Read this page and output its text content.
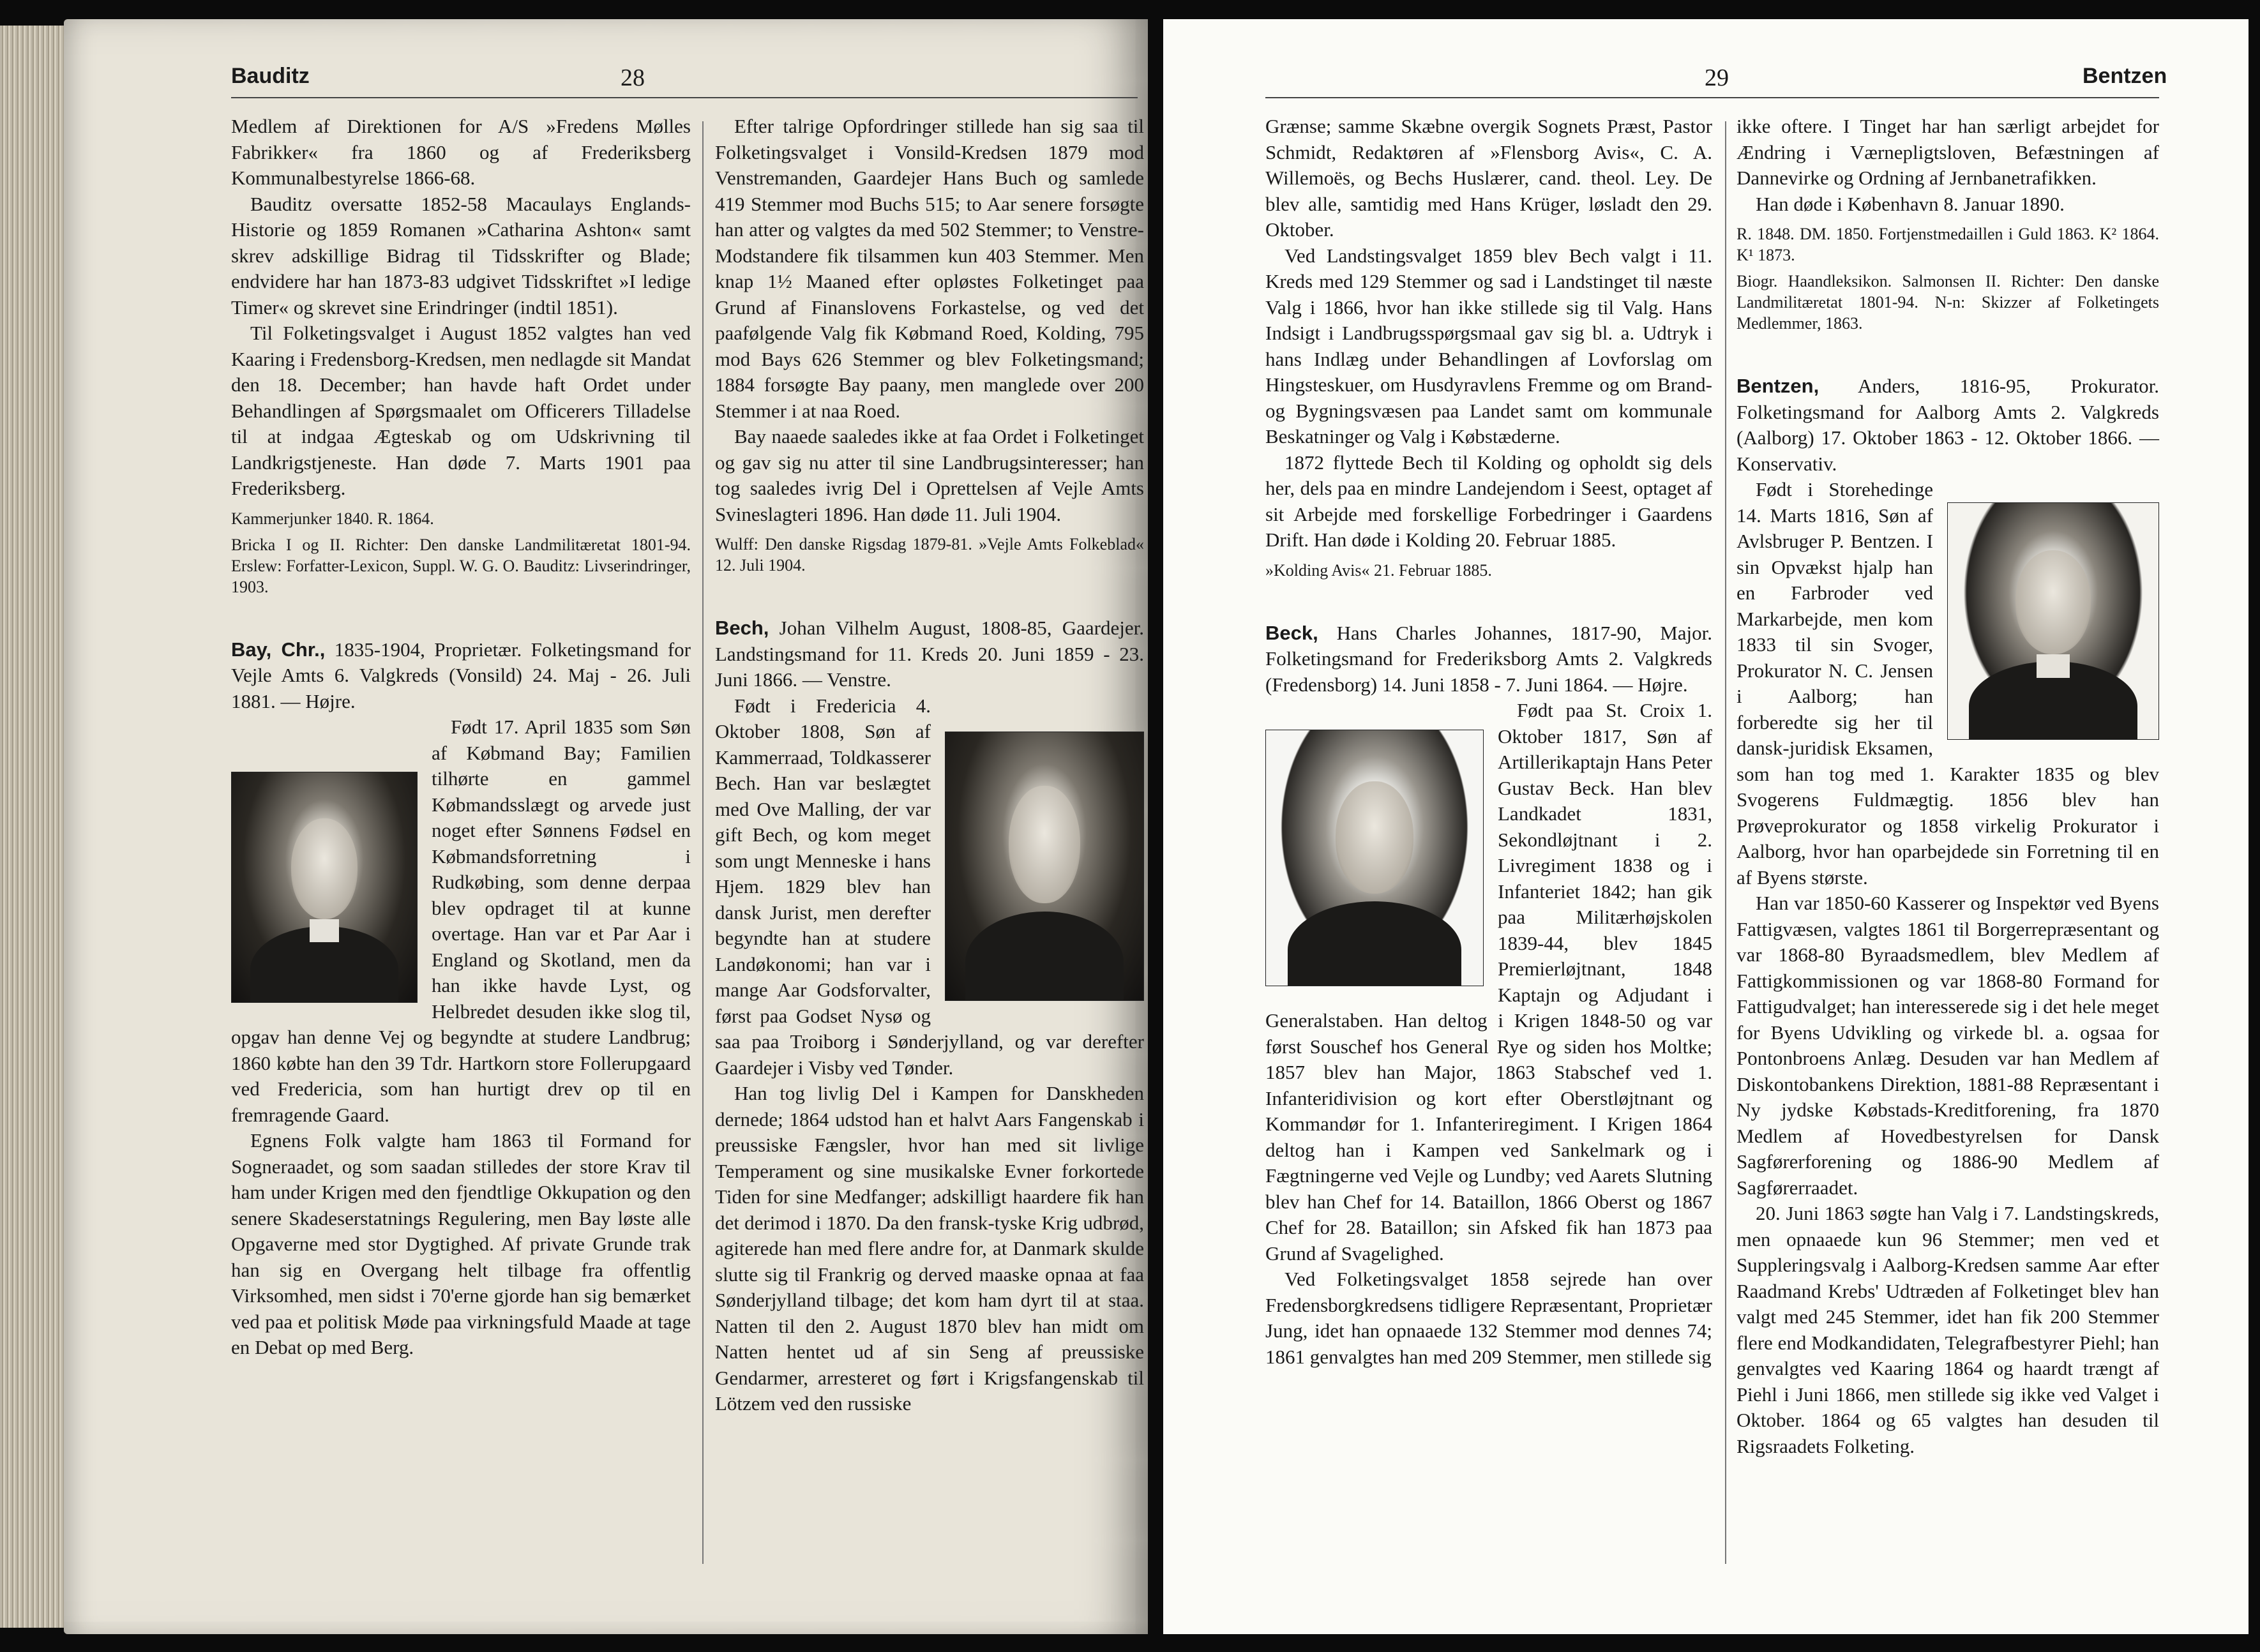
Bauditz	28

Medlem af Direktionen for A/S »Fredens Mølles Fabrikker« fra 1860 og af Frederiksberg Kommunalbestyrelse 1866-68.

Bauditz oversatte 1852-58 Macaulays Englands-Historie og 1859 Romanen »Catharina Ashton« samt skrev adskillige Bidrag til Tidsskrifter og Blade; endvidere har han 1873-83 udgivet Tidsskriftet »I ledige Timer« og skrevet sine Erindringer (indtil 1851).

Til Folketingsvalget i August 1852 valgtes han ved Kaaring i Fredensborg-Kredsen, men nedlagde sit Mandat den 18. December; han havde haft Ordet under Behandlingen af Spørgsmaalet om Officerers Tilladelse til at indgaa Ægteskab og om Udskrivning til Landkrigstjeneste. Han døde 7. Marts 1901 paa Frederiksberg.

Kammerjunker 1840. R. 1864.

Bricka I og II. Richter: Den danske Landmilitæretat 1801-94. Erslew: Forfatter-Lexicon, Suppl. W. G. O. Bauditz: Livserindringer, 1903.

Bay, Chr., 1835-1904, Proprietær. Folketingsmand for Vejle Amts 6. Valgkreds (Vonsild) 24. Maj - 26. Juli 1881. — Højre.

Født 17. April 1835 som Søn af Købmand Bay; Familien tilhørte en gammel Købmandsslægt og arvede just noget efter Sønnens Fødsel en Købmandsforretning i Rudkøbing, som denne derpaa blev opdraget til at kunne overtage. Han var et Par Aar i England og Skotland, men da han ikke havde Lyst, og Helbredet desuden ikke slog til, opgav han denne Vej og begyndte at studere Landbrug; 1860 købte han den 39 Tdr. Hartkorn store Follerupgaard ved Fredericia, som han hurtigt drev op til en fremragende Gaard.

Egnens Folk valgte ham 1863 til Formand for Sogneraadet, og som saadan stilledes der store Krav til ham under Krigen med den fjendtlige Okkupation og den senere Skadeserstatnings Regulering, men Bay løste alle Opgaverne med stor Dygtighed. Af private Grunde trak han sig en Overgang helt tilbage fra offentlig Virksomhed, men sidst i 70'erne gjorde han sig bemærket ved paa et politisk Møde paa virkningsfuld Maade at tage en Debat op med Berg.

Efter talrige Opfordringer stillede han sig saa til Folketingsvalget i Vonsild-Kredsen 1879 mod Venstremanden, Gaardejer Hans Buch og samlede 419 Stemmer mod Buchs 515; to Aar senere forsøgte han atter og valgtes da med 502 Stemmer; to Venstre-Modstandere fik tilsammen kun 403 Stemmer. Men knap 1½ Maaned efter opløstes Folketinget paa Grund af Finanslovens Forkastelse, og ved det paafølgende Valg fik Købmand Roed, Kolding, 795 mod Bays 626 Stemmer og blev Folketingsmand; 1884 forsøgte Bay paany, men manglede over 200 Stemmer i at naa Roed.

Bay naaede saaledes ikke at faa Ordet i Folketinget og gav sig nu atter til sine Landbrugsinteresser; han tog saaledes ivrig Del i Oprettelsen af Vejle Amts Svineslagteri 1896. Han døde 11. Juli 1904.

Wulff: Den danske Rigsdag 1879-81. »Vejle Amts Folkeblad« 12. Juli 1904.

Bech, Johan Vilhelm August, 1808-85, Gaardejer. Landstingsmand for 11. Kreds 20. Juni 1859 - 23. Juni 1866. — Venstre.

Født i Fredericia 4. Oktober 1808, Søn af Kammerraad, Toldkasserer Bech. Han var beslægtet med Ove Malling, der var gift Bech, og kom meget som ungt Menneske i hans Hjem. 1829 blev han dansk Jurist, men derefter begyndte han at studere Landøkonomi; han var i mange Aar Godsforvalter, først paa Godset Nysø og saa paa Troiborg i Sønderjylland, og var derefter Gaardejer i Visby ved Tønder.

Han tog livlig Del i Kampen for Danskheden dernede; 1864 udstod han et halvt Aars Fangenskab i preussiske Fængsler, hvor han med sit livlige Temperament og sine musikalske Evner forkortede Tiden for sine Medfanger; adskilligt haardere fik han det derimod i 1870. Da den fransk-tyske Krig udbrød, agiterede han med flere andre for, at Danmark skulde slutte sig til Frankrig og derved maaske opnaa at faa Sønderjylland tilbage; det kom ham dyrt til at staa. Natten til den 2. August 1870 blev han midt om Natten hentet ud af sin Seng af preussiske Gendarmer, arresteret og ført i Krigsfangenskab til Lötzem ved den russiske

29	Bentzen

Grænse; samme Skæbne overgik Sognets Præst, Pastor Schmidt, Redaktøren af »Flensborg Avis«, C. A. Willemoës, og Bechs Huslærer, cand. theol. Ley. De blev alle, samtidig med Hans Krüger, løsladt den 29. Oktober.

Ved Landstingsvalget 1859 blev Bech valgt i 11. Kreds med 129 Stemmer og sad i Landstinget til næste Valg i 1866, hvor han ikke stillede sig til Valg. Hans Indsigt i Landbrugsspørgsmaal gav sig bl. a. Udtryk i hans Indlæg under Behandlingen af Lovforslag om Hingsteskuer, om Husdyravlens Fremme og om Brand- og Bygningsvæsen paa Landet samt om kommunale Beskatninger og Valg i Købstæderne.

1872 flyttede Bech til Kolding og opholdt sig dels her, dels paa en mindre Landejendom i Seest, optaget af sit Arbejde med forskellige Forbedringer i Gaardens Drift. Han døde i Kolding 20. Februar 1885.

»Kolding Avis« 21. Februar 1885.

Beck, Hans Charles Johannes, 1817-90, Major. Folketingsmand for Frederiksborg Amts 2. Valgkreds (Fredensborg) 14. Juni 1858 - 7. Juni 1864. — Højre.

Født paa St. Croix 1. Oktober 1817, Søn af Artillerikaptajn Hans Peter Gustav Beck. Han blev Landkadet 1831, Sekondløjtnant i 2. Livregiment 1838 og i Infanteriet 1842; han gik paa Militærhøjskolen 1839-44, blev 1845 Premierløjtnant, 1848 Kaptajn og Adjudant i Generalstaben. Han deltog i Krigen 1848-50 og var først Souschef hos General Rye og siden hos Moltke; 1857 blev han Major, 1863 Stabschef ved 1. Infanteridivision og kort efter Oberstløjtnant og Kommandør for 1. Infanteriregiment. I Krigen 1864 deltog han i Kampen ved Sankelmark og i Fægtningerne ved Vejle og Lundby; ved Aarets Slutning blev han Chef for 14. Bataillon, 1866 Oberst og 1867 Chef for 28. Bataillon; sin Afsked fik han 1873 paa Grund af Svagelighed.

Ved Folketingsvalget 1858 sejrede han over Fredensborgkredsens tidligere Repræsentant, Proprietær Jung, idet han opnaaede 132 Stemmer mod dennes 74; 1861 genvalgtes han med 209 Stemmer, men stillede sig

ikke oftere. I Tinget har han særligt arbejdet for Ændring i Værnepligtsloven, Befæstningen af Dannevirke og Ordning af Jernbanetrafikken.

Han døde i København 8. Januar 1890.

R. 1848. DM. 1850. Fortjenstmedaillen i Guld 1863. K² 1864. K¹ 1873.

Biogr. Haandleksikon. Salmonsen II. Richter: Den danske Landmilitæretat 1801-94. N-n: Skizzer af Folketingets Medlemmer, 1863.

Bentzen, Anders, 1816-95, Prokurator. Folketingsmand for Aalborg Amts 2. Valgkreds (Aalborg) 17. Oktober 1863 - 12. Oktober 1866. — Konservativ.

Født i Storehedinge 14. Marts 1816, Søn af Avlsbruger P. Bentzen. I sin Opvækst hjalp han en Farbroder ved Markarbejde, men kom 1833 til sin Svoger, Prokurator N. C. Jensen i Aalborg; han forberedte sig her til dansk-juridisk Eksamen, som han tog med 1. Karakter 1835 og blev Svogerens Fuldmægtig. 1856 blev han Prøveprokurator og 1858 virkelig Prokurator i Aalborg, hvor han oparbejdede sin Forretning til en af Byens største.

Han var 1850-60 Kasserer og Inspektør ved Byens Fattigvæsen, valgtes 1861 til Borgerrepræsentant og var 1868-80 Byraadsmedlem, blev Medlem af Fattigkommissionen og var 1868-80 Formand for Fattigudvalget; han interesserede sig i det hele meget for Byens Udvikling og virkede bl. a. ogsaa for Pontonbroens Anlæg. Desuden var han Medlem af Diskontobankens Direktion, 1881-88 Repræsentant i Ny jydske Købstads-Kreditforening, fra 1870 Medlem af Hovedbestyrelsen for Dansk Sagførerforening og 1886-90 Medlem af Sagførerraadet.

20. Juni 1863 søgte han Valg i 7. Landstingskreds, men opnaaede kun 96 Stemmer; men ved et Suppleringsvalg i Aalborg-Kredsen samme Aar efter Raadmand Krebs' Udtræden af Folketinget blev han valgt med 245 Stemmer, idet han fik 200 Stemmer flere end Modkandidaten, Telegrafbestyrer Piehl; han genvalgtes ved Kaaring 1864 og haardt trængt af Piehl i Juni 1866, men stillede sig ikke ved Valget i Oktober. 1864 og 65 valgtes han desuden til Rigsraadets Folketing.
